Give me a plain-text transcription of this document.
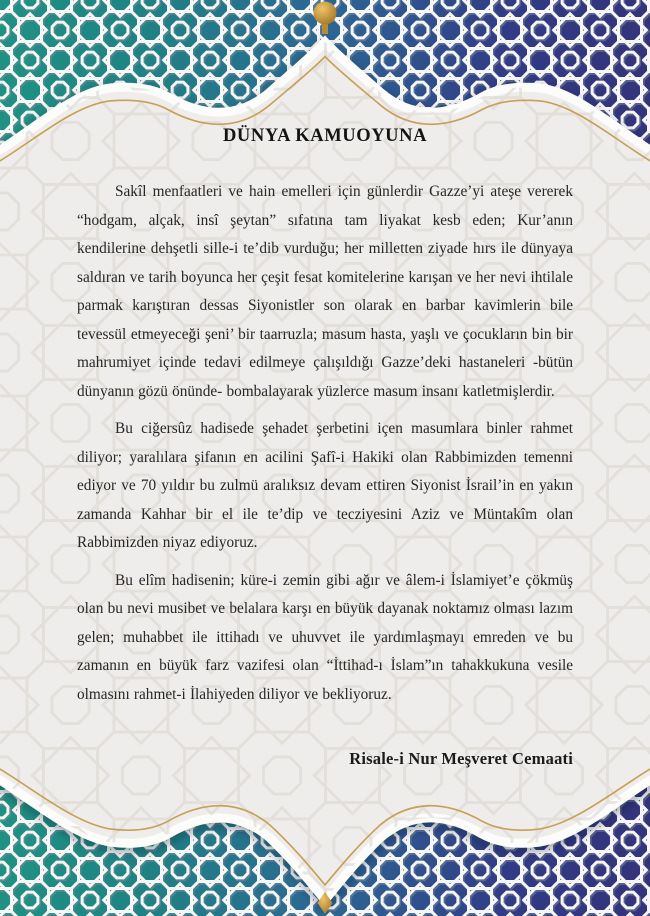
DÜNYA KAMUOYUNA

Sakîl menfaatleri ve hain emelleri için günlerdir Gazze’yi ateşe vererek “hodgam, alçak, insî şeytan” sıfatına tam liyakat kesb eden; Kur’anın kendilerine dehşetli sille-i te’dib vurduğu; her milletten ziyade hırs ile dünyaya saldıran ve tarih boyunca her çeşit fesat komitelerine karışan ve her nevi ihtilale parmak karıştıran dessas Siyonistler son olarak en barbar kavimlerin bile tevessül etmeyeceği şeni’ bir taarruzla; masum hasta, yaşlı ve çocukların bin bir mahrumiyet içinde tedavi edilmeye çalışıldığı Gazze’deki hastaneleri -bütün dünyanın gözü önünde- bombalayarak yüzlerce masum insanı katletmişlerdir.

Bu ciğersûz hadisede şehadet şerbetini içen masumlara binler rahmet diliyor; yaralılara şifanın en acilini Şafî-i Hakiki olan Rabbimizden temenni ediyor ve 70 yıldır bu zulmü aralıksız devam ettiren Siyonist İsrail’in en yakın zamanda Kahhar bir el ile te’dip ve tecziyesini Aziz ve Müntakîm olan Rabbimizden niyaz ediyoruz.

Bu elîm hadisenin; küre-i zemin gibi ağır ve âlem-i İslamiyet’e çökmüş olan bu nevi musibet ve belalara karşı en büyük dayanak noktamız olması lazım gelen; muhabbet ile ittihadı ve uhuvvet ile yardımlaşmayı emreden ve bu zamanın en büyük farz vazifesi olan “İttihad-ı İslam”ın tahakkukuna vesile olmasını rahmet-i İlahiyeden diliyor ve bekliyoruz.

Risale-i Nur Meşveret Cemaati
